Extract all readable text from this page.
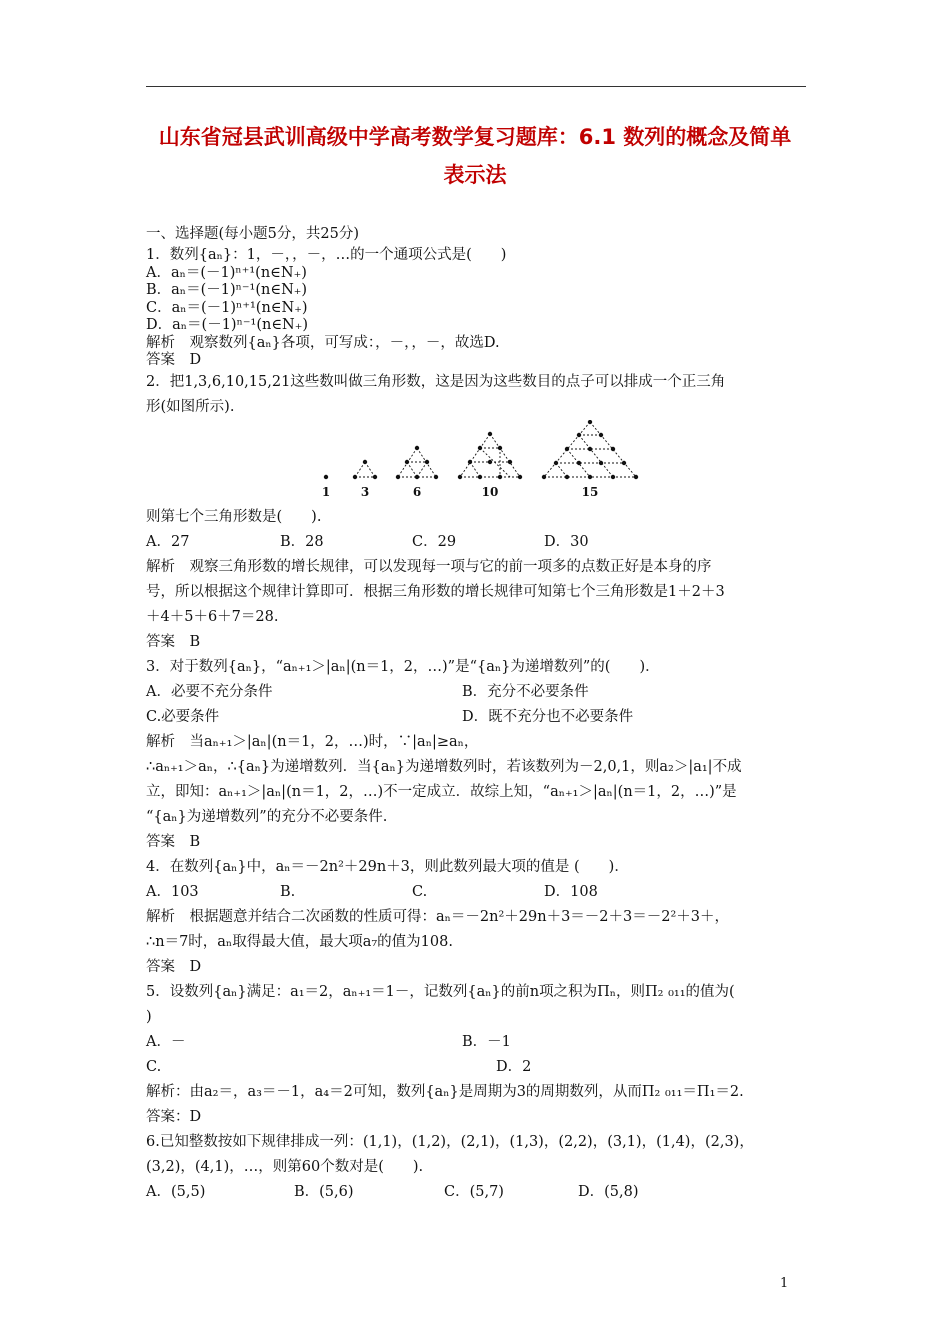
山东省冠县武训高级中学高考数学复习题库：6.1 数列的概念及简单
表示法
一、选择题(每小题5分，共25分)
1．数列{aₙ}：1，－，，－，…的一个通项公式是(　　)
A．aₙ＝(－1)ⁿ⁺¹(n∈N₊)
B．aₙ＝(－1)ⁿ⁻¹(n∈N₊)
C．aₙ＝(－1)ⁿ⁺¹(n∈N₊)
D．aₙ＝(－1)ⁿ⁻¹(n∈N₊)
解析　观察数列{aₙ}各项，可写成：，－，，－，故选D.
答案　D
2．把1,3,6,10,15,21这些数叫做三角形数，这是因为这些数目的点子可以排成一个正三角
形(如图所示).
1	3	6	10	15
则第七个三角形数是(　　).
A．27	B．28	C．29	D．30
解析　观察三角形数的增长规律，可以发现每一项与它的前一项多的点数正好是本身的序
号，所以根据这个规律计算即可．根据三角形数的增长规律可知第七个三角形数是1＋2＋3
＋4＋5＋6＋7＝28.
答案　B
3．对于数列{aₙ}，“aₙ₊₁＞|aₙ|(n＝1，2，…)”是“{aₙ}为递增数列”的(　　)．
A．必要不充分条件	B．充分不必要条件
C.必要条件	D．既不充分也不必要条件
解析　当aₙ₊₁＞|aₙ|(n＝1，2，…)时，∵|aₙ|≥aₙ，
∴aₙ₊₁＞aₙ，∴{aₙ}为递增数列．当{aₙ}为递增数列时，若该数列为－2,0,1，则a₂＞|a₁|不成
立，即知：aₙ₊₁＞|aₙ|(n＝1，2，…)不一定成立．故综上知，“aₙ₊₁＞|aₙ|(n＝1，2，…)”是
“{aₙ}为递增数列”的充分不必要条件.
答案　B
4．在数列{aₙ}中，aₙ＝－2n²＋29n＋3，则此数列最大项的值是 (　　)．
A．103	B.	C.	D．108
解析　根据题意并结合二次函数的性质可得：aₙ＝－2n²＋29n＋3＝－2＋3＝－2²＋3＋，
∴n＝7时，aₙ取得最大值，最大项a₇的值为108.
答案　D
5．设数列{aₙ}满足：a₁＝2，aₙ₊₁＝1－，记数列{aₙ}的前n项之积为Πₙ，则Π₂ ₀₁₁的值为(
)
A．－	B．－1
C.	D．2
解析：由a₂＝，a₃＝－1，a₄＝2可知，数列{aₙ}是周期为3的周期数列，从而Π₂ ₀₁₁＝Π₁＝2.
答案：D
6.已知整数按如下规律排成一列：(1,1)，(1,2)，(2,1)，(1,3)，(2,2)，(3,1)，(1,4)，(2,3)，
(3,2)，(4,1)，…，则第60个数对是(　　).
A．(5,5)	B．(5,6)	C．(5,7)	D．(5,8)
1
